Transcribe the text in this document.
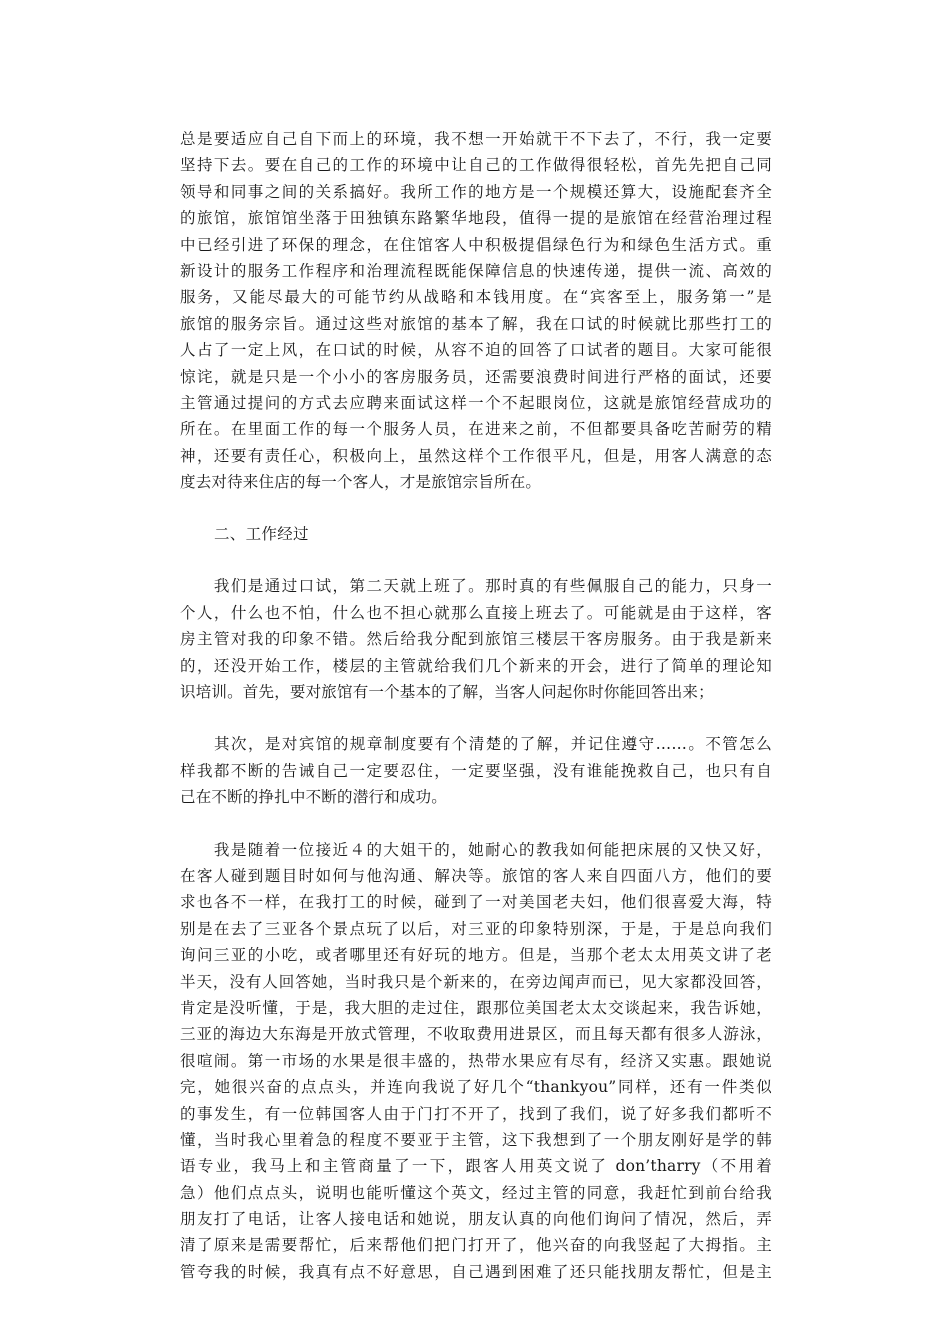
总是要适应自己自下而上的环境，我不想一开始就干不下去了，不行，我一定要
坚持下去。要在自己的工作的环境中让自己的工作做得很轻松，首先先把自己同
领导和同事之间的关系搞好。我所工作的地方是一个规模还算大，设施配套齐全
的旅馆，旅馆馆坐落于田独镇东路繁华地段，值得一提的是旅馆在经营治理过程
中已经引进了环保的理念，在住馆客人中积极提倡绿色行为和绿色生活方式。重
新设计的服务工作程序和治理流程既能保障信息的快速传递，提供一流、高效的
服务，又能尽最大的可能节约从战略和本钱用度。在“宾客至上，服务第一”是
旅馆的服务宗旨。通过这些对旅馆的基本了解，我在口试的时候就比那些打工的
人占了一定上风，在口试的时候，从容不迫的回答了口试者的题目。大家可能很
惊诧，就是只是一个小小的客房服务员，还需要浪费时间进行严格的面试，还要
主管通过提问的方式去应聘来面试这样一个不起眼岗位，这就是旅馆经营成功的
所在。在里面工作的每一个服务人员，在进来之前，不但都要具备吃苦耐劳的精
神，还要有责任心，积极向上，虽然这样个工作很平凡，但是，用客人满意的态
度去对待来住店的每一个客人，才是旅馆宗旨所在。
二、工作经过
　　我们是通过口试，第二天就上班了。那时真的有些佩服自己的能力，只身一
个人，什么也不怕，什么也不担心就那么直接上班去了。可能就是由于这样，客
房主管对我的印象不错。然后给我分配到旅馆三楼层干客房服务。由于我是新来
的，还没开始工作，楼层的主管就给我们几个新来的开会，进行了简单的理论知
识培训。首先，要对旅馆有一个基本的了解，当客人问起你时你能回答出来；
　　其次，是对宾馆的规章制度要有个清楚的了解，并记住遵守……。不管怎么
样我都不断的告诫自己一定要忍住，一定要坚强，没有谁能挽救自己，也只有自
己在不断的挣扎中不断的潜行和成功。
　　我是随着一位接近４的大姐干的，她耐心的教我如何能把床展的又快又好，
在客人碰到题目时如何与他沟通、解决等。旅馆的客人来自四面八方，他们的要
求也各不一样，在我打工的时候，碰到了一对美国老夫妇，他们很喜爱大海，特
别是在去了三亚各个景点玩了以后，对三亚的印象特别深，于是，于是总向我们
询问三亚的小吃，或者哪里还有好玩的地方。但是，当那个老太太用英文讲了老
半天，没有人回答她，当时我只是个新来的，在旁边闻声而已，见大家都没回答，
肯定是没听懂，于是，我大胆的走过住，跟那位美国老太太交谈起来，我告诉她，
三亚的海边大东海是开放式管理，不收取费用进景区，而且每天都有很多人游泳，
很喧闹。第一市场的水果是很丰盛的，热带水果应有尽有，经济又实惠。跟她说
完，她很兴奋的点点头，并连向我说了好几个“thankyou”同样，还有一件类似
的事发生，有一位韩国客人由于门打不开了，找到了我们，说了好多我们都听不
懂，当时我心里着急的程度不要亚于主管，这下我想到了一个朋友刚好是学的韩
语专业，我马上和主管商量了一下，跟客人用英文说了 don’tharry（不用着
急）他们点点头，说明也能听懂这个英文，经过主管的同意，我赶忙到前台给我
朋友打了电话，让客人接电话和她说，朋友认真的向他们询问了情况，然后，弄
清了原来是需要帮忙，后来帮他们把门打开了，他兴奋的向我竖起了大拇指。主
管夸我的时候，我真有点不好意思，自己遇到困难了还只能找朋友帮忙，但是主
